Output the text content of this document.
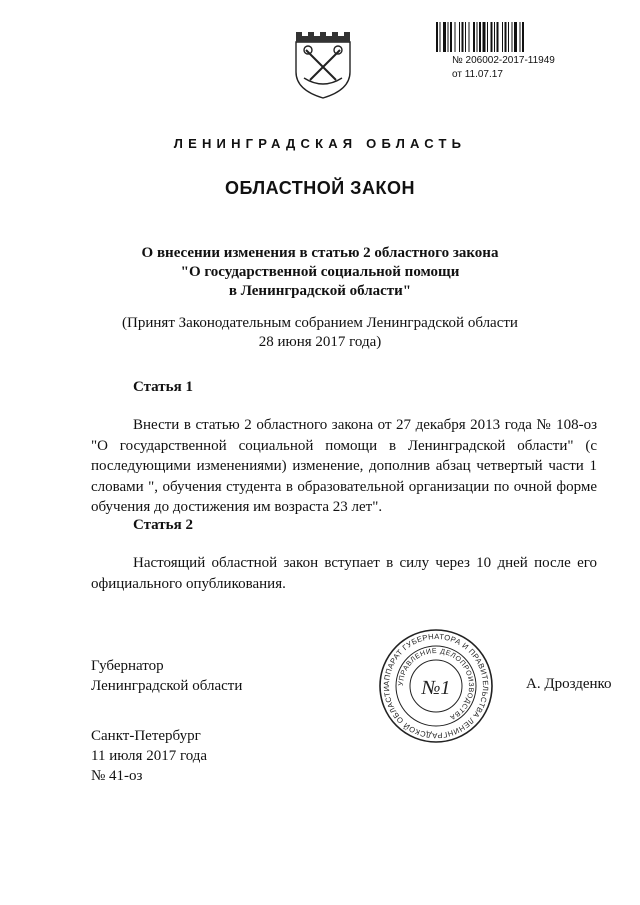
№ 206002-2017-11949
от 11.07.17
ЛЕНИНГРАДСКАЯ ОБЛАСТЬ
ОБЛАСТНОЙ ЗАКОН
О внесении изменения в статью 2 областного закона
"О государственной социальной помощи
в Ленинградской области"
(Принят Законодательным собранием Ленинградской области
28 июня 2017 года)
Статья 1
Внести в статью 2 областного закона от 27 декабря 2013 года № 108-оз "О государственной социальной помощи в Ленинградской области" (с последующими изменениями) изменение, дополнив абзац четвертый части 1 словами ", обучения студента в образовательной организации по очной форме обучения до достижения им возраста 23 лет".
Статья 2
Настоящий областной закон вступает в силу через 10 дней после его официального опубликования.
Губернатор
Ленинградской области	А. Дрозденко
АППАРАТ ГУБЕРНАТОРА И ПРАВИТЕЛЬСТВА ЛЕНИНГРАДСКОЙ ОБЛАСТИ
УПРАВЛЕНИЕ ДЕЛОПРОИЗВОДСТВА
№1
Санкт-Петербург
11 июля 2017 года
№ 41-оз
